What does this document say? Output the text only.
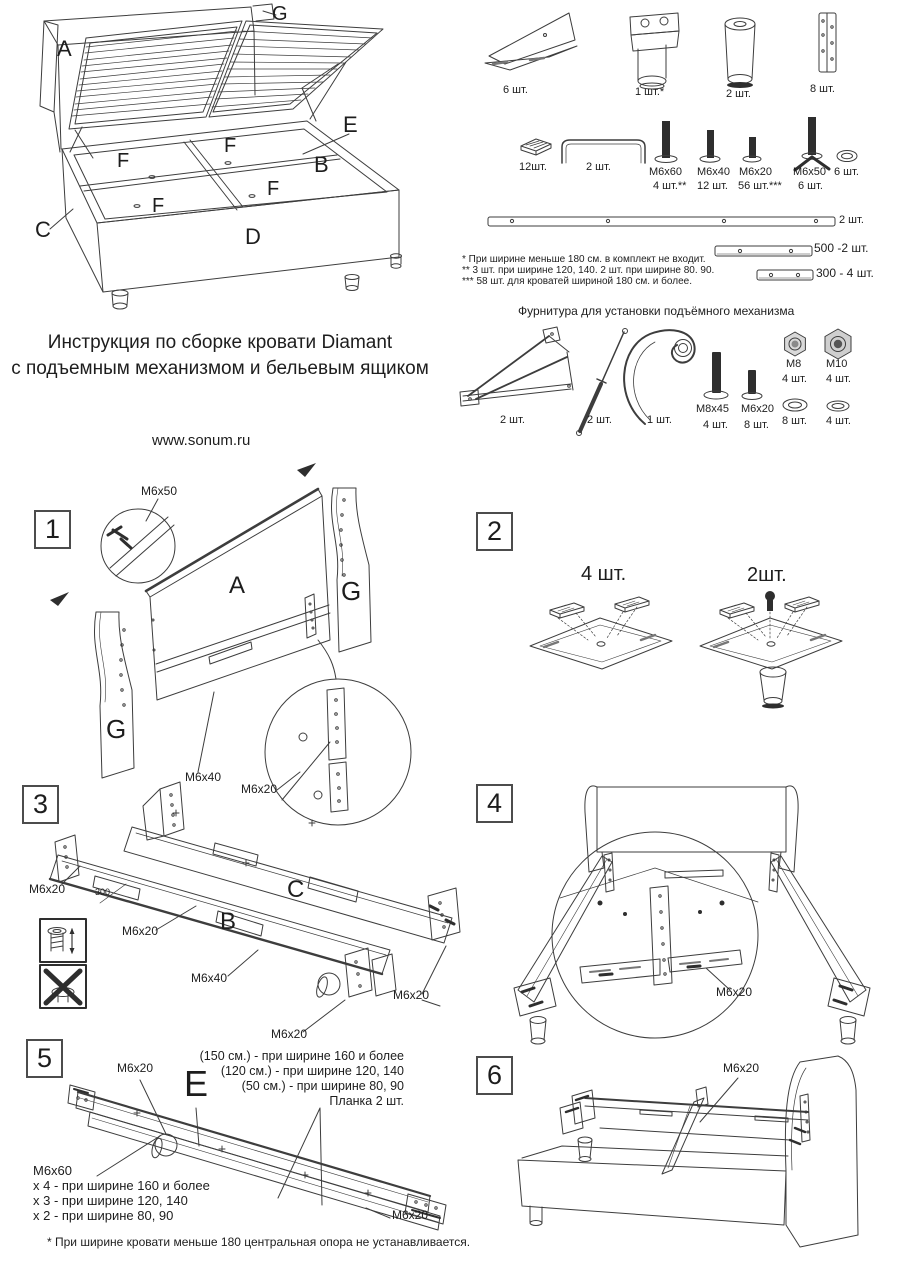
G
A
E
B
F
F
F
F
C	D
6 шт.	1 шт.*	2 шт.	8 шт.
12шт.	2 шт.	M6x60
4 шт.**
M6x40
12 шт.
M6x20
56 шт.***
M6x50
6 шт.
6 шт.
2 шт.
500 -2 шт.
300 - 4 шт.
* При ширине меньше 180 см. в комплект не входит.
** 3 шт. при ширине 120, 140. 2 шт. при ширине 80. 90.
*** 58 шт. для кроватей шириной 180 см. и более.
Фурнитура для установки подъёмного механизма
2 шт.	2 шт.	1 шт.
M8x45 M6x20
4 шт. 8 шт.
M8
4 шт.
M10
4 шт.
8 шт. 4 шт.
Инструкция по сборке кровати Diamant
с подъемным механизмом и бельевым ящиком
www.sonum.ru
1	2
3	4
5
6
M6x50
A	G
G
M6x40
M6x20
4 шт.	2шт.
M6x20	300
M6x20	B
C
M6x40
M6x20
M6x20	M6x20
M6x20 E
(150 см.) - при ширине 160 и более
(120 см.) - при ширине 120, 140
(50 см.) - при ширине 80, 90
Планка 2 шт.
M6x60
x 4 - при ширине 160 и более
x 3 - при ширине 120, 140
x 2 - при ширине 80, 90	M6x20
M6x20
* При ширине кровати меньше 180 центральная опора не устанавливается.
